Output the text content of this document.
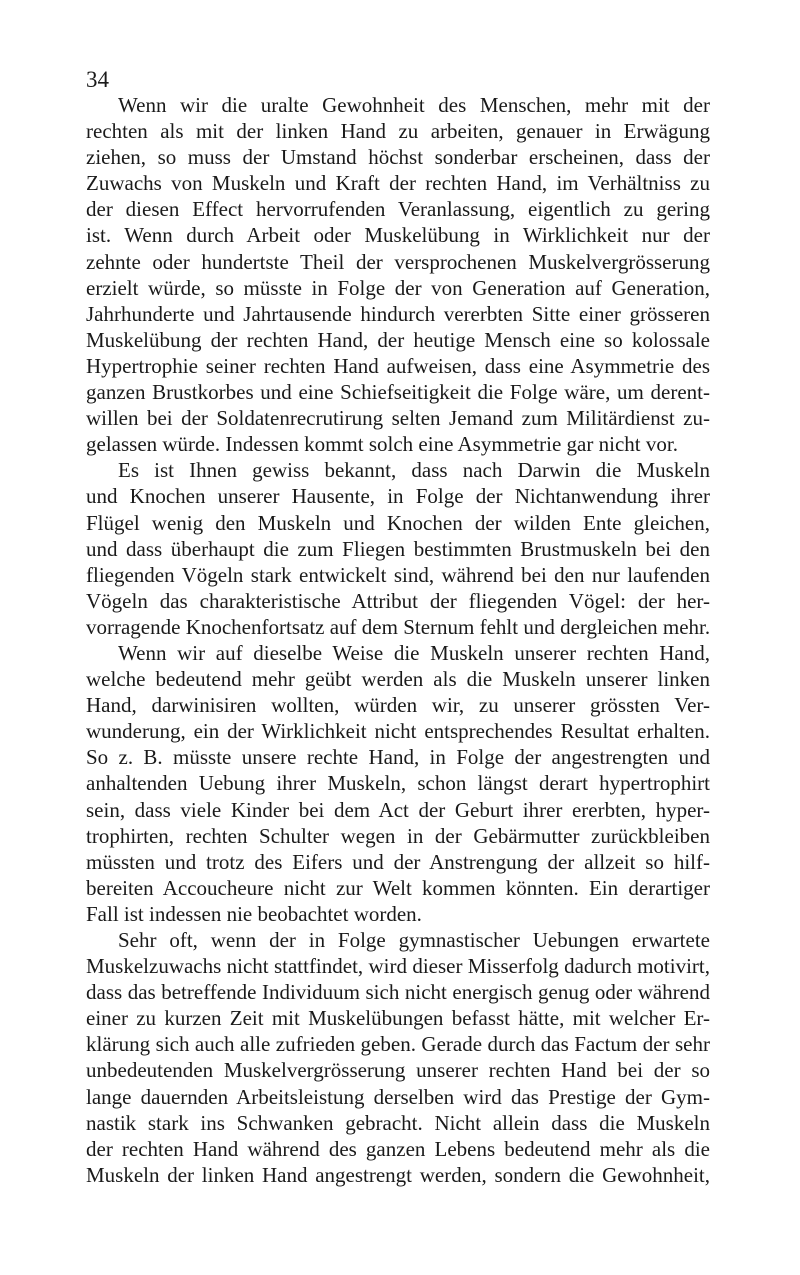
34
Wenn wir die uralte Gewohnheit des Menschen, mehr mit der
rechten als mit der linken Hand zu arbeiten, genauer in Erwägung
ziehen, so muss der Umstand höchst sonderbar erscheinen, dass der
Zuwachs von Muskeln und Kraft der rechten Hand, im Verhältniss zu
der diesen Effect hervorrufenden Veranlassung, eigentlich zu gering
ist. Wenn durch Arbeit oder Muskelübung in Wirklichkeit nur der
zehnte oder hundertste Theil der versprochenen Muskelvergrösserung
erzielt würde, so müsste in Folge der von Generation auf Generation,
Jahrhunderte und Jahrtausende hindurch vererbten Sitte einer grösseren
Muskelübung der rechten Hand, der heutige Mensch eine so kolossale
Hypertrophie seiner rechten Hand aufweisen, dass eine Asymmetrie des
ganzen Brustkorbes und eine Schiefseitigkeit die Folge wäre, um derent-
willen bei der Soldatenrecrutirung selten Jemand zum Militärdienst zu-
gelassen würde. Indessen kommt solch eine Asymmetrie gar nicht vor.
Es ist Ihnen gewiss bekannt, dass nach Darwin die Muskeln
und Knochen unserer Hausente, in Folge der Nichtanwendung ihrer
Flügel wenig den Muskeln und Knochen der wilden Ente gleichen,
und dass überhaupt die zum Fliegen bestimmten Brustmuskeln bei den
fliegenden Vögeln stark entwickelt sind, während bei den nur laufenden
Vögeln das charakteristische Attribut der fliegenden Vögel: der her-
vorragende Knochenfortsatz auf dem Sternum fehlt und dergleichen mehr.
Wenn wir auf dieselbe Weise die Muskeln unserer rechten Hand,
welche bedeutend mehr geübt werden als die Muskeln unserer linken
Hand, darwinisiren wollten, würden wir, zu unserer grössten Ver-
wunderung, ein der Wirklichkeit nicht entsprechendes Resultat erhalten.
So z. B. müsste unsere rechte Hand, in Folge der angestrengten und
anhaltenden Uebung ihrer Muskeln, schon längst derart hypertrophirt
sein, dass viele Kinder bei dem Act der Geburt ihrer ererbten, hyper-
trophirten, rechten Schulter wegen in der Gebärmutter zurückbleiben
müssten und trotz des Eifers und der Anstrengung der allzeit so hilf-
bereiten Accoucheure nicht zur Welt kommen könnten. Ein derartiger
Fall ist indessen nie beobachtet worden.
Sehr oft, wenn der in Folge gymnastischer Uebungen erwartete
Muskelzuwachs nicht stattfindet, wird dieser Misserfolg dadurch motivirt,
dass das betreffende Individuum sich nicht energisch genug oder während
einer zu kurzen Zeit mit Muskelübungen befasst hätte, mit welcher Er-
klärung sich auch alle zufrieden geben. Gerade durch das Factum der sehr
unbedeutenden Muskelvergrösserung unserer rechten Hand bei der so
lange dauernden Arbeitsleistung derselben wird das Prestige der Gym-
nastik stark ins Schwanken gebracht. Nicht allein dass die Muskeln
der rechten Hand während des ganzen Lebens bedeutend mehr als die
Muskeln der linken Hand angestrengt werden, sondern die Gewohnheit,
